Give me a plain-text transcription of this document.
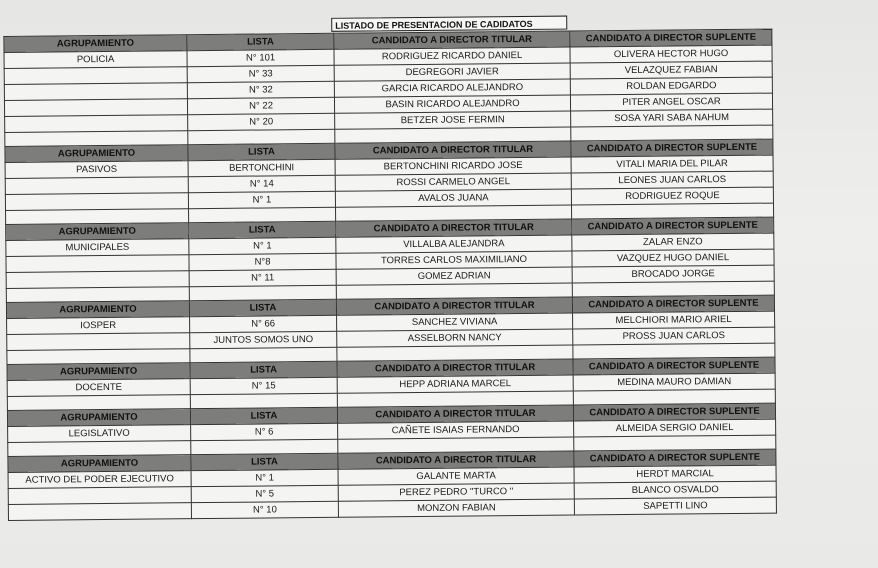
LISTADO DE PRESENTACION DE CADIDATOS
AGRUPAMIENTO	LISTA	CANDIDATO A DIRECTOR TITULAR	CANDIDATO A DIRECTOR SUPLENTE
POLICIA	N° 101	RODRIGUEZ RICARDO DANIEL	OLIVERA HECTOR HUGO
	N° 33	DEGREGORI JAVIER	VELAZQUEZ FABIAN
	N° 32	GARCIA RICARDO ALEJANDRO	ROLDAN EDGARDO
	N° 22	BASIN RICARDO ALEJANDRO	PITER ANGEL OSCAR
	N° 20	BETZER JOSE FERMIN	SOSA YARI SABA NAHUM

AGRUPAMIENTO	LISTA	CANDIDATO A DIRECTOR TITULAR	CANDIDATO A DIRECTOR SUPLENTE
PASIVOS	BERTONCHINI	BERTONCHINI RICARDO JOSE	VITALI MARIA DEL PILAR
	N° 14	ROSSI CARMELO ANGEL	LEONES JUAN CARLOS
	N° 1	AVALOS JUANA	RODRIGUEZ ROQUE

AGRUPAMIENTO	LISTA	CANDIDATO A DIRECTOR TITULAR	CANDIDATO A DIRECTOR SUPLENTE
MUNICIPALES	N° 1	VILLALBA ALEJANDRA	ZALAR ENZO
	N°8	TORRES CARLOS MAXIMILIANO	VAZQUEZ HUGO DANIEL
	N° 11	GOMEZ ADRIAN	BROCADO JORGE

AGRUPAMIENTO	LISTA	CANDIDATO A DIRECTOR TITULAR	CANDIDATO A DIRECTOR SUPLENTE
IOSPER	N° 66	SANCHEZ VIVIANA	MELCHIORI MARIO ARIEL
	JUNTOS SOMOS UNO	ASSELBORN NANCY	PROSS JUAN CARLOS

AGRUPAMIENTO	LISTA	CANDIDATO A DIRECTOR TITULAR	CANDIDATO A DIRECTOR SUPLENTE
DOCENTE	N° 15	HEPP ADRIANA MARCEL	MEDINA MAURO DAMIAN

AGRUPAMIENTO	LISTA	CANDIDATO A DIRECTOR TITULAR	CANDIDATO A DIRECTOR SUPLENTE
LEGISLATIVO	N° 6	CAÑETE ISAIAS FERNANDO	ALMEIDA SERGIO DANIEL

AGRUPAMIENTO	LISTA	CANDIDATO A DIRECTOR TITULAR	CANDIDATO A DIRECTOR SUPLENTE
ACTIVO DEL PODER EJECUTIVO	N° 1	GALANTE MARTA	HERDT MARCIAL
	N° 5	PEREZ PEDRO "TURCO "	BLANCO OSVALDO
	N° 10	MONZON FABIAN	SAPETTI LINO
